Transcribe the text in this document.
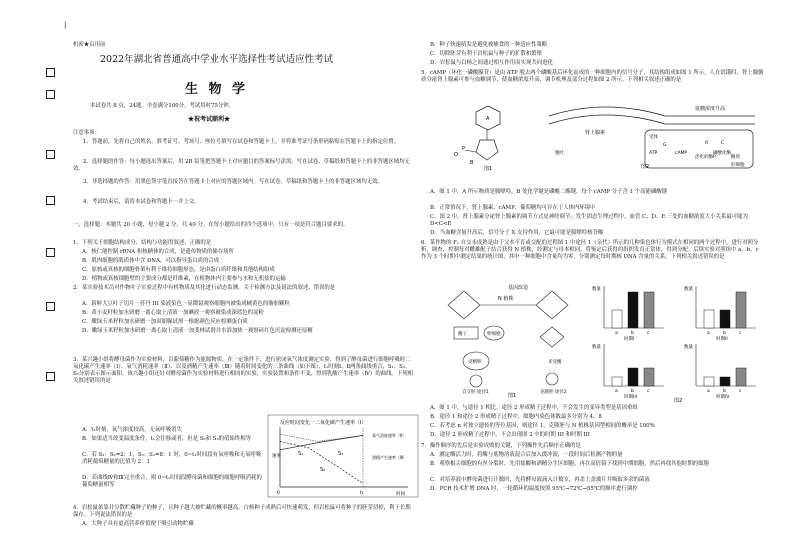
|
机密★启用前
2022年湖北省普通高中学业水平选择性考试适应性考试
生 物 学
本试卷共 8 页，24题。全卷满分100分。考试用时75分钟。
★祝考试顺利★
注意事项：
1．答题前，先将自己的姓名、准考证号、考场号、座位号填写在试卷和答题卡上，并将准考证号条形码粘贴在答题卡上的指定位置。
2．选择题的作答：每小题选出答案后，用 2B 铅笔把答题卡上对应题目的答案标号涂黑。写在试卷、草稿纸和答题卡上的非答题区域均无效。
3．非选择题的作答：用黑色签字笔直接答在答题卡上对应的答题区域内。写在试卷、草稿纸和答题卡上的非答题区域均无效。
4．考试结束后，请将本试卷和答题卡一并上交。
一、选择题：本题共 20 小题，每小题 2 分，共 40 分。在每小题给出的四个选项中，只有一项是符合题目要求的。
1．下列关于细胞结构成分、结构与功能的叙述，正确的是
A．核仁能控制 rRNA 和核糖体的合成，是遗传物质的储存场所
B．肌肉细胞的肌质体中含 DNA，可以指导蛋白质的合成
C．原核或真核的细胞骨架有利于维持细胞形态，是由蛋白质纤维和其他结构组成
D．植物或真核细胞壁的主要成分都是纤维素，在植物体内主要参与水和无机盐的运输
2．某实验技术员对作物叶子实验过程中有机物质及其化进行动态监测。关于检测方法及说法的叙述，错误的是
A．新鲜大豆叶子切片一苏丹 III 染液染色一显微镜观察细胞内被染成橘黄色的脂肪颗粒
B．黄小麦籽粒加水研磨一离心取上清液一加碘液一观察被染成深蓝色的淀粉
C．嫩绿玉米籽粒加水研磨一加双缩脲试剂一根据颜色反应检测蛋白质
D．嫩绿玉米籽粒加水研磨一离心取上清液一加斐林试剂并水浴加热一观察砖红色沉淀检测还原糖
3．某兴趣小组将酵母菌作为实验材料，以葡萄糖作为能源物质，在一定条件下，进行密闭氧气浓度测定实验，得到了酵母菌进行细胞呼吸时二氧化碳产生速率（Ⅰ）、氧气消耗速率（Ⅱ）、以及酒精产生速率（Ⅲ）随着时间变化的三条曲线（如下图），t₁时刻Ⅰ、Ⅱ两条曲线重合，S₁、S₂、S₃分别表示图示面积。该兴趣小组还针对酵母菌作为实验材料进行相同的实验，实验装置和条件不变，得到乳酸产生速率（Ⅳ）的曲线。下列相关叙述错误的是
A．t₁时刻，氧气浓度较高，无氧呼吸消失
B．如果适当改变温度条件，t₁会往移或者，但是 S₂和 S₃的值始终相等
C．若 S₁：S₂=2：1，S₃：S₂=8：1 时，0~t₁时间段有氧呼吸和无氧呼吸消耗葡萄糖量的比值为 2：1
D．若曲线Ⅳ和Ⅲ完全重合，则 0~t₁时间段酵母菌和细胞的细胞呼吸消耗的葡萄糖量相等
反应时间变化一二氧化碳产生速率（Ⅰ）
速率
时间
0	t₁
S₁
S₂
S₃
氧气消耗速率（Ⅱ）
酒精产生速率（Ⅲ）
4．岩松鼠依靠并分散贮藏种子的种子，且种子越大被贮藏的概率越高。白杨种子成熟后可快速萌发，但岩松鼠可将种子的胚芽切掉，利于长期保存。下列说法错误的是
A．大种子具有更高营养价值便于吸引动物贮藏
B．种子快速萌发是避免被捕食的一种适应性策略
C．切除胚芽有利于岩松鼠与种子的扩散和繁殖
D．岩松鼠与白杨之间通过相互作用而实现共同进化
5．cAMP（环化一磷酸腺苷）是由 ATP 脱去两个磷酸基后环化而成的一种细胞内的信号分子，其结构组成如图 1 所示。人在饥饿时，肾上腺髓质分泌肾上腺素可参与血糖调节，使血糖浓度升高，调节机理及部分过程如图 2 所示。下列相关叙述正确的是
A
O
P
B
图1
血糖浓度升高
肾上腺素
受体
G
ATP	cAMP
R	C
活化的酶P
肝细胞
胞吐	磷酸化酶
糖原
图2
A．图 1 中，A 所示物质是腺嘌呤，B 处化学键是磷酸二酯键，每个 cAMP 分子含 1 个高能磷酸键
B．正常情况下，肾上腺素、cAMP、葡萄糖均可存在于人体内环境中
C．图 2 中，肾上腺素分泌肾上腺素的调节方式是神经调节，发生固态生理过程中，血管 C、D、E 三处的血糖浓度大小关系最可能为 D<C<E
D．当血糖含量升高后，信号分子 X 支持作用，它最可能是腺嘌呤核苷酸
6．某作物的 F₁ 自交未成熟是由于父本不育或交配的过程图 1 中途径 1（亲代）所示的几种染色体行为模式在相同的两个过程中，进行对照分析，调查，控制每对雌雄配子结合获得 N 植株，经测定与母本相同，将鉴定后获得的组织发育正常体，得到分配。后续实验对照组中 a、b、c 作为 3 个时期中测定结果的统计图，其中一种细胞中含量均为零，分别测定每时期核 DNA 含量的关系，下列相关叙述错误的是
基因改造
N 植株
精子	卵细胞
受精卵	未受精
自交胚 途径1	克隆胚 途径2
图1
数量
a	b	c
时期I
数量
a	b	c
时期II
数量
a	b	c
时期III
数量
a	b	c
时期IV
图2
A．图 1 中，与途径 1 相比，途径 2 形成精子过程中，不会发生的变异类型是基因重组
B．途径 1 和途径 2 形成精子过程中，细胞内染色体数最多分别为 4、8
C．若考虑 n 对独立遗传的等位基因，则途径 1、克隆胚与 N 植株基因型相同的概率是 100%
D．途径 2 形成精子过程中，不会出现图 2 中的时期 III 和时期 III
7．操作顺序的先后是实验成败的关键，下列操作先后顺序正确的是
A．测定酶活力时，将酶与底物溶液混合后加入缓冲液，一段时间后检测产物的量
B．观察根尖细胞的有丝分裂时，先用盐酸和酒精分生区细胞，再在高倍镜下找到中期细胞，然后再找其他时期的细胞
C．对培养液中酵母菌进行计数时，先将酵母液滴入计数室，再盖上盖玻片并吸取多余的菌液
D．PCR 技术扩增 DNA 时，一轮循环的温度按照 95℃→72℃→55℃的顺序进行调控
